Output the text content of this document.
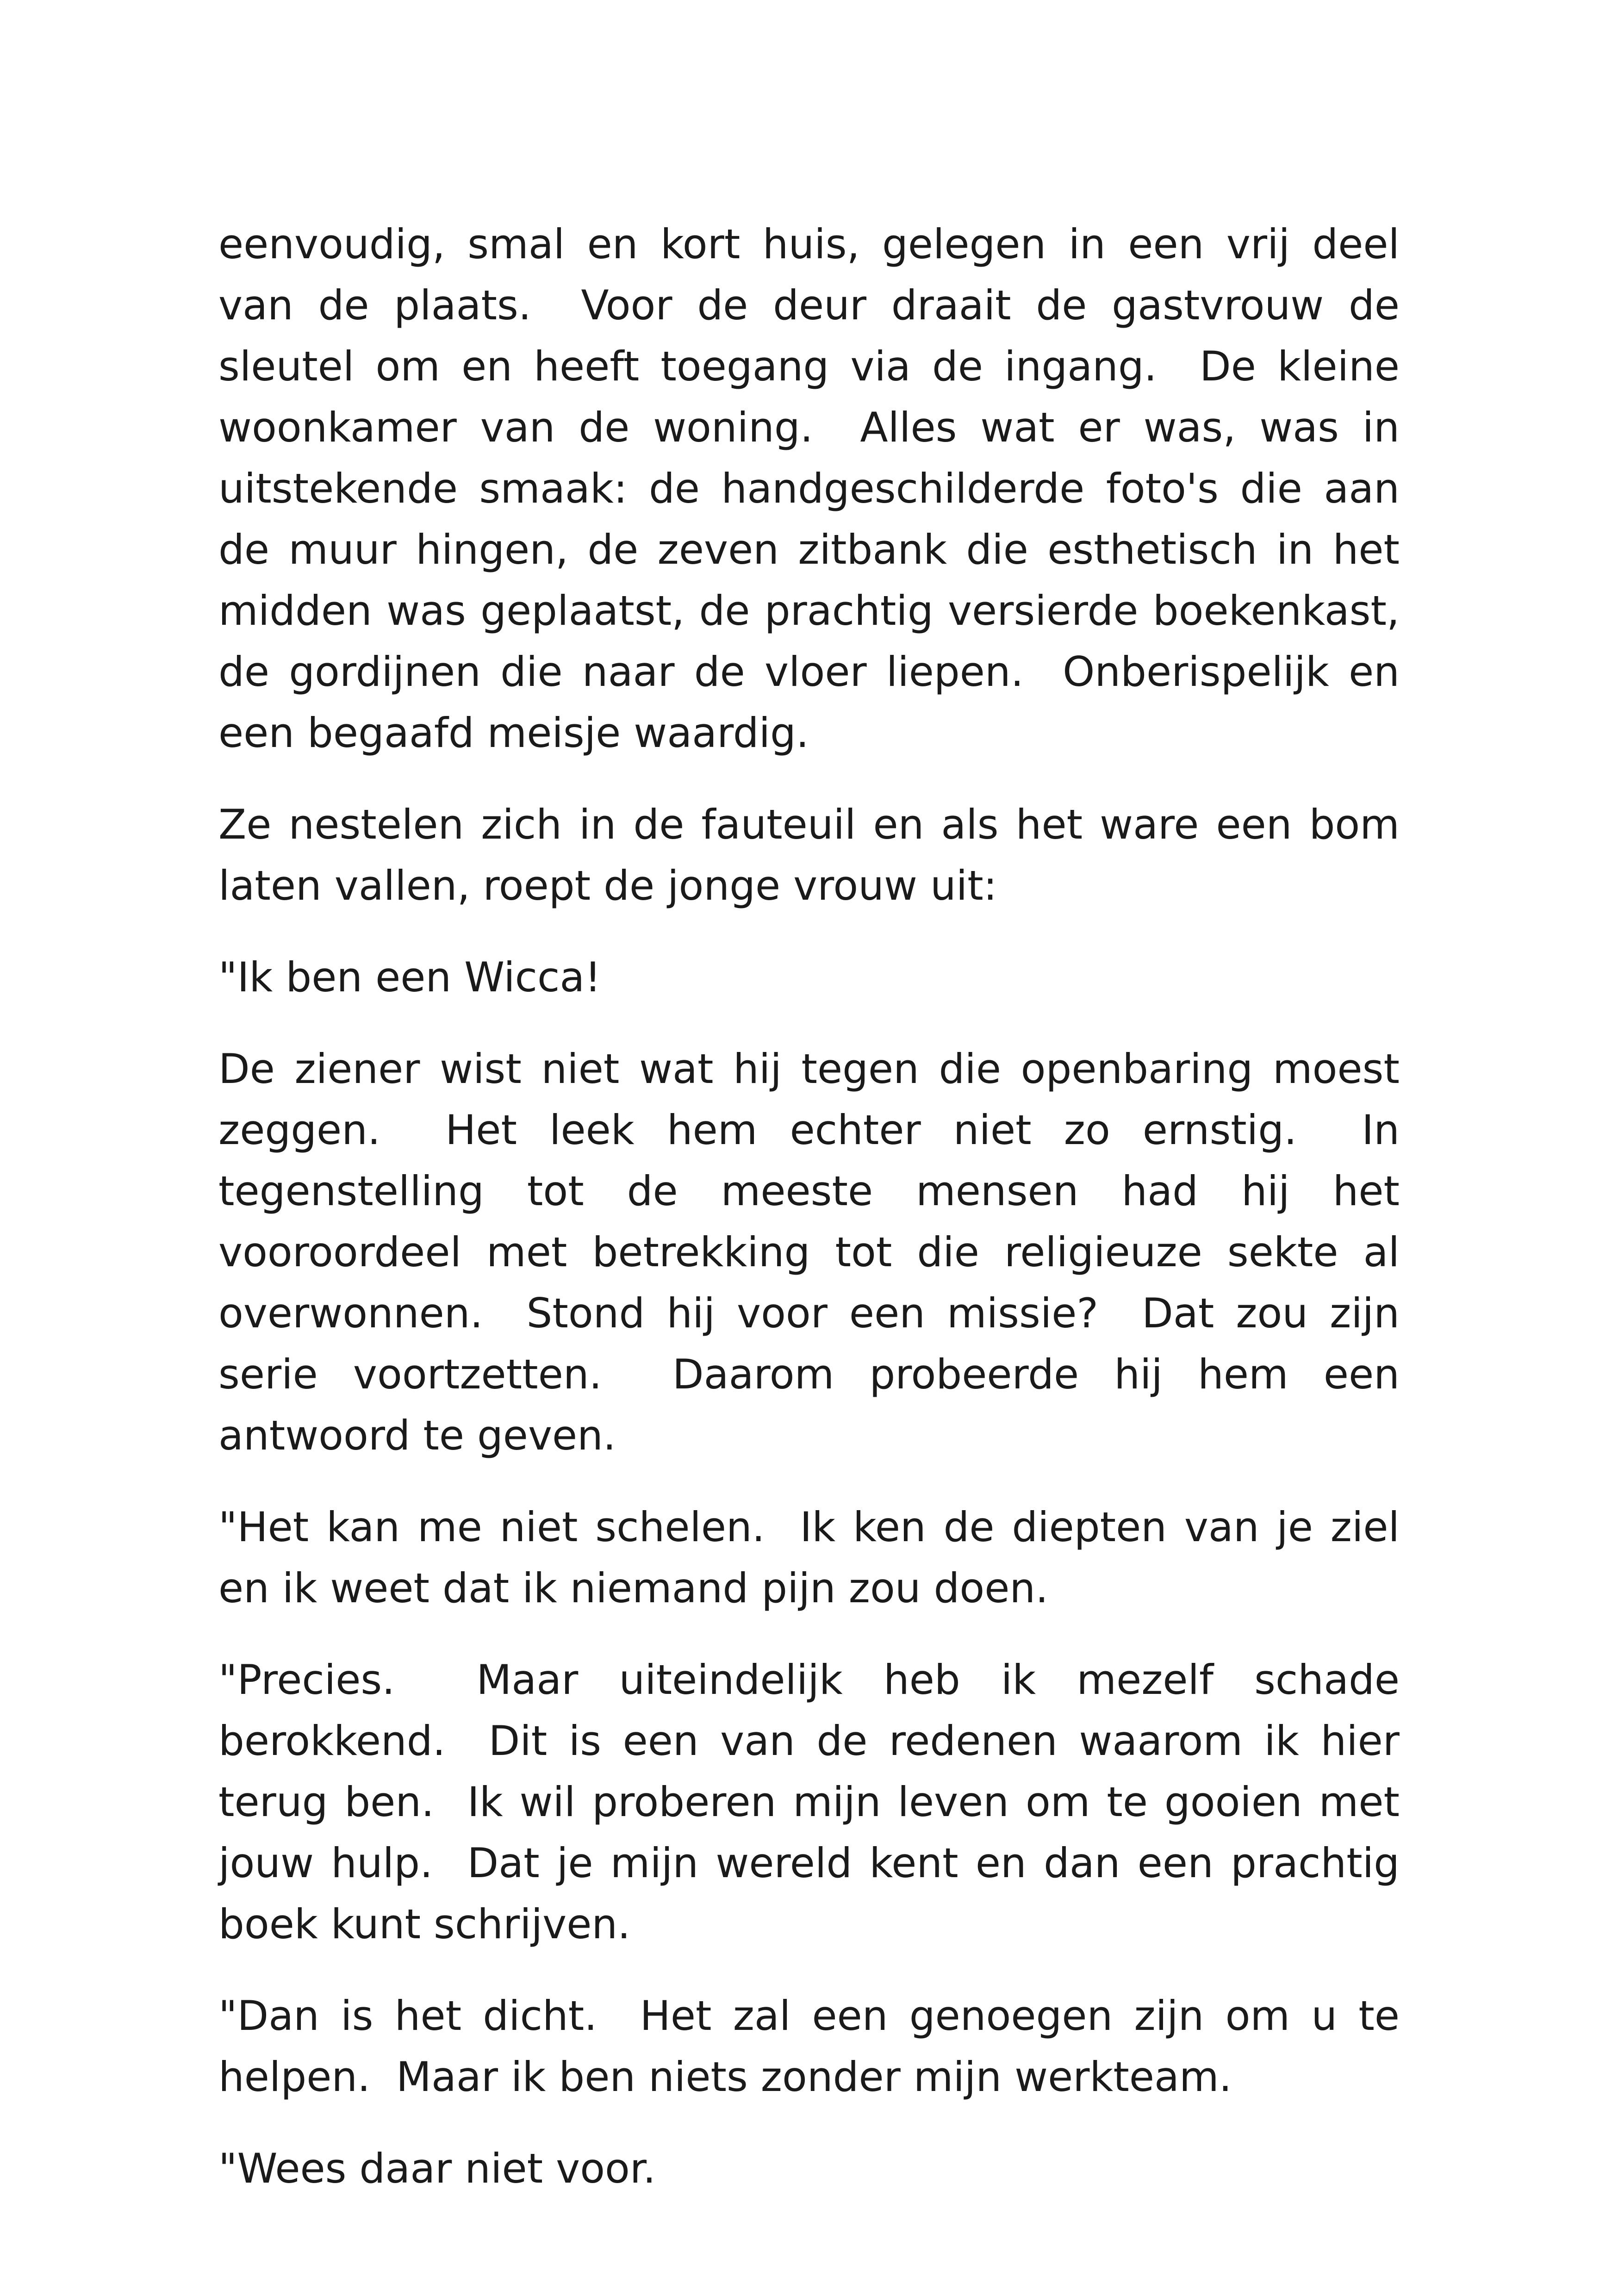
eenvoudig, smal en kort huis, gelegen in een vrij deel van de plaats.  Voor de deur draait de gastvrouw de sleutel om en heeft toegang via de ingang.  De kleine woonkamer van de woning.  Alles wat er was, was in uitstekende smaak: de handgeschilderde foto's die aan de muur hingen, de zeven zitbank die esthetisch in het midden was geplaatst, de prachtig versierde boekenkast, de gordijnen die naar de vloer liepen.  Onberispelijk en een begaafd meisje waardig.

Ze nestelen zich in de fauteuil en als het ware een bom laten vallen, roept de jonge vrouw uit:

"Ik ben een Wicca!

De ziener wist niet wat hij tegen die openbaring moest zeggen.  Het leek hem echter niet zo ernstig.  In tegenstelling tot de meeste mensen had hij het vooroordeel met betrekking tot die religieuze sekte al overwonnen.  Stond hij voor een missie?  Dat zou zijn serie voortzetten.  Daarom probeerde hij hem een antwoord te geven.

"Het kan me niet schelen.  Ik ken de diepten van je ziel en ik weet dat ik niemand pijn zou doen.

"Precies.  Maar uiteindelijk heb ik mezelf schade berokkend.  Dit is een van de redenen waarom ik hier terug ben.  Ik wil proberen mijn leven om te gooien met jouw hulp.  Dat je mijn wereld kent en dan een prachtig boek kunt schrijven.

"Dan is het dicht.  Het zal een genoegen zijn om u te helpen.  Maar ik ben niets zonder mijn werkteam.

"Wees daar niet voor.
